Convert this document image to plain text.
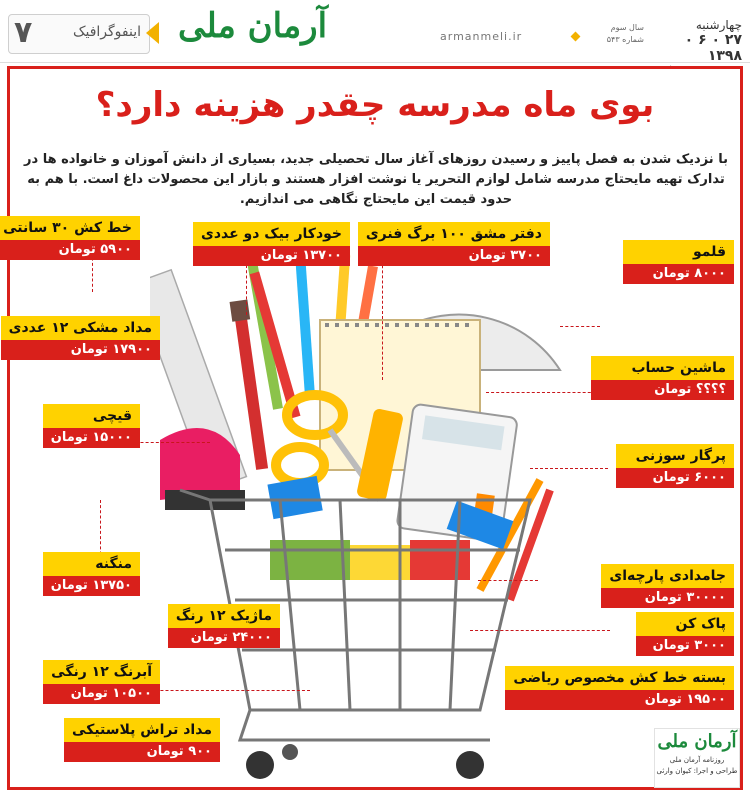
۷	اینفوگرافیک آرمان ملی	armanmeli.ir
سال سوم
شماره ۵۴۳
چهارشنبه
۲۷ ۰ ۶ ۰ ۱۳۹۸
بوی ماه مدرسه چقدر هزینه دارد؟
با نزدیک شدن به فصل پاییز و رسیدن روزهای آغاز سال تحصیلی جدید، بسیاری از دانش آموزان و خانواده ها در تدارک تهیه مایحتاج مدرسه شامل لوازم التحریر یا نوشت افزار هستند و بازار این محصولات داغ است. با هم به حدود قیمت این مایحتاج نگاهی می اندازیم.
خط کش ۳۰ سانتی
۵۹۰۰ تومان
خودکار بیک دو عددی
۱۳۷۰۰ تومان
دفتر مشق ۱۰۰ برگ فنری
۳۷۰۰ تومان	قلمو
۸۰۰۰ تومان
مداد مشکی ۱۲ عددی
۱۷۹۰۰ تومان
ماشین حساب
؟؟؟؟ تومان
قیچی
۱۵۰۰۰ تومان
پرگار سوزنی
۶۰۰۰ تومان
منگنه
۱۳۷۵۰ تومان
جامدادی پارچه‌ای
۳۰۰۰۰ تومان
ماژیک ۱۲ رنگ
۲۴۰۰۰ تومان
پاک کن
۳۰۰۰ تومان
آبرنگ ۱۲ رنگی
۱۰۵۰۰ تومان
بسته خط کش مخصوص ریاضی
۱۹۵۰۰ تومان
مداد تراش پلاستیکی
۹۰۰ تومان	آرمان ملی
روزنامه آرمان ملی
طراحی و اجرا: کیوان وارثی
